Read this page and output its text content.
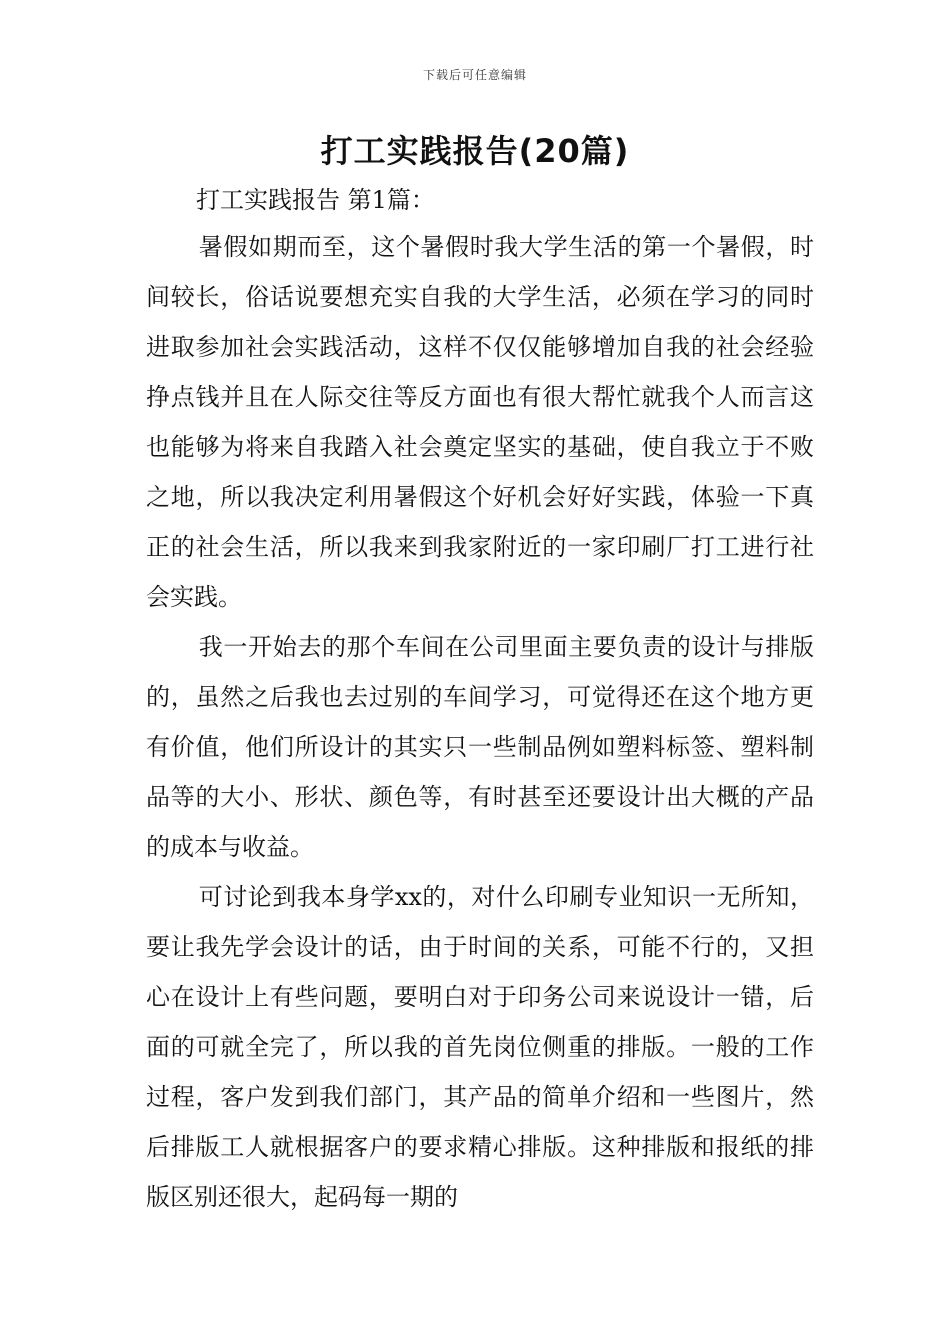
下载后可任意编辑
打工实践报告(20篇)
打工实践报告 第1篇：

暑假如期而至，这个暑假时我大学生活的第一个暑假，时间较长，俗话说要想充实自我的大学生活，必须在学习的同时进取参加社会实践活动，这样不仅仅能够增加自我的社会经验挣点钱并且在人际交往等反方面也有很大帮忙就我个人而言这也能够为将来自我踏入社会奠定坚实的基础，使自我立于不败之地，所以我决定利用暑假这个好机会好好实践，体验一下真正的社会生活，所以我来到我家附近的一家印刷厂打工进行社会实践。

我一开始去的那个车间在公司里面主要负责的设计与排版的，虽然之后我也去过别的车间学习，可觉得还在这个地方更有价值，他们所设计的其实只一些制品例如塑料标签、塑料制品等的大小、形状、颜色等，有时甚至还要设计出大概的产品的成本与收益。

可讨论到我本身学xx的，对什么印刷专业知识一无所知，要让我先学会设计的话，由于时间的关系，可能不行的，又担心在设计上有些问题，要明白对于印务公司来说设计一错，后面的可就全完了，所以我的首先岗位侧重的排版。一般的工作过程，客户发到我们部门，其产品的简单介绍和一些图片，然后排版工人就根据客户的要求精心排版。这种排版和报纸的排版区别还很大，起码每一期的
